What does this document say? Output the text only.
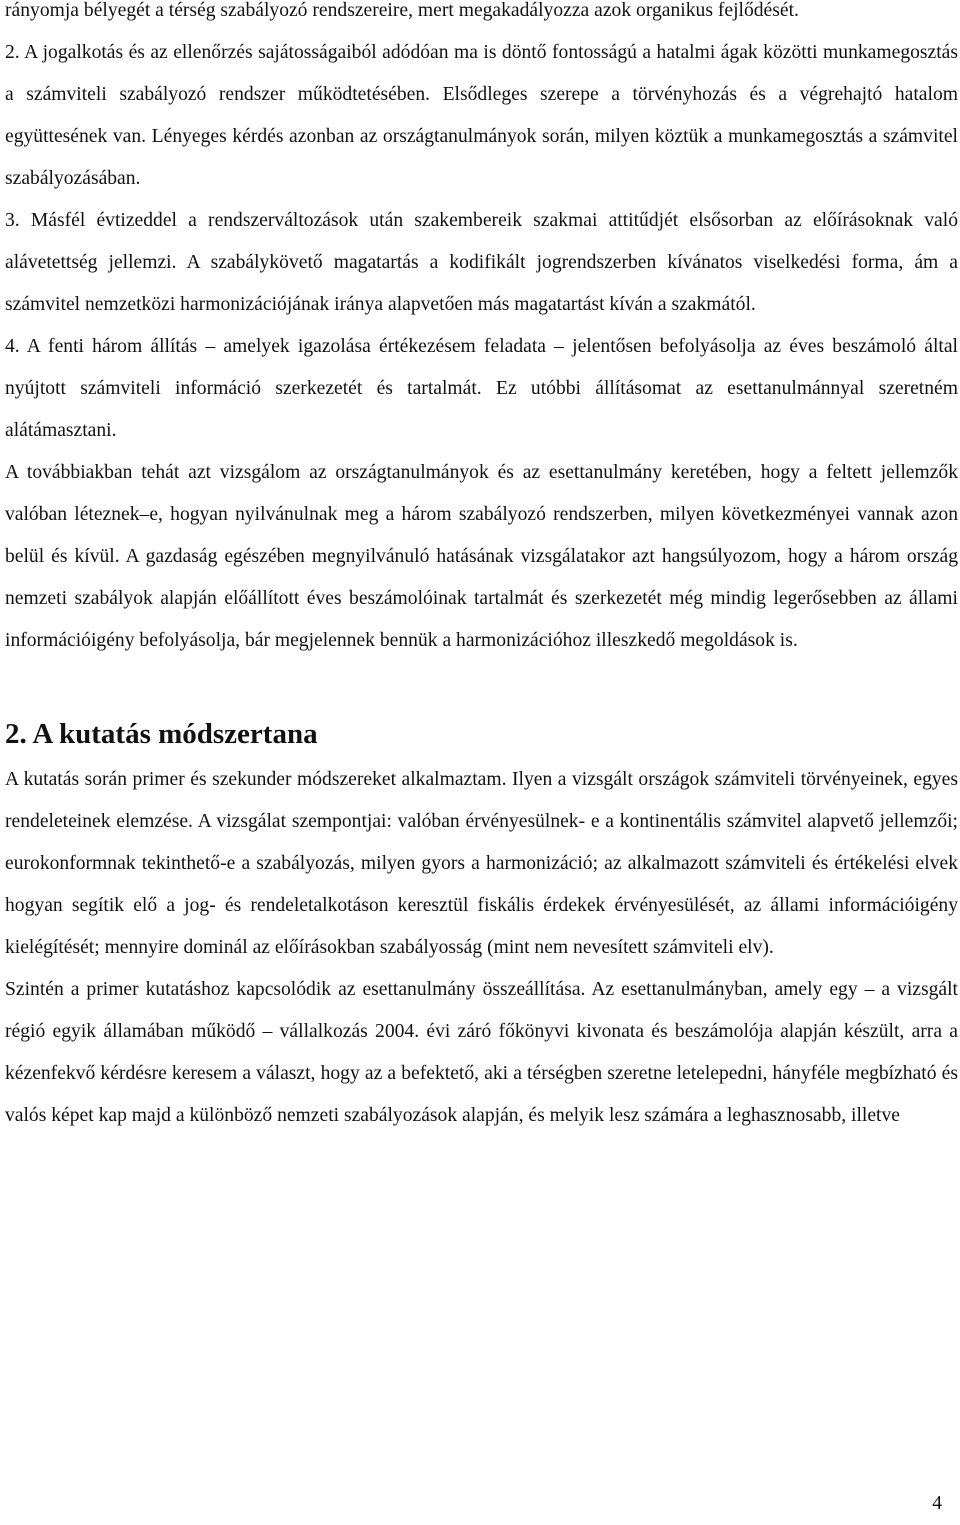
rányomja bélyegét a térség szabályozó rendszereire, mert megakadályozza azok organikus fejlődését.

2. A jogalkotás és az ellenőrzés sajátosságaiból adódóan ma is döntő fontosságú a hatalmi ágak közötti munkamegosztás a számviteli szabályozó rendszer működtetésében. Elsődleges szerepe a törvényhozás és a végrehajtó hatalom együttesének van. Lényeges kérdés azonban az országtanulmányok során, milyen köztük a munkamegosztás a számvitel szabályozásában.

3. Másfél évtizeddel a rendszerváltozások után szakembereik szakmai attitűdjét elsősorban az előírásoknak való alávetettség jellemzi. A szabálykövető magatartás a kodifikált jogrendszerben kívánatos viselkedési forma, ám a számvitel nemzetközi harmonizációjának iránya alapvetően más magatartást kíván a szakmától.

4. A fenti három állítás – amelyek igazolása értékezésem feladata – jelentősen befolyásolja az éves beszámoló által nyújtott számviteli információ szerkezetét és tartalmát. Ez utóbbi állításomat az esettanulmánnyal szeretném alátámasztani.

A továbbiakban tehát azt vizsgálom az országtanulmányok és az esettanulmány keretében, hogy a feltett jellemzők valóban léteznek–e, hogyan nyilvánulnak meg a három szabályozó rendszerben, milyen következményei vannak azon belül és kívül. A gazdaság egészében megnyilvánuló hatásának vizsgálatakor azt hangsúlyozom, hogy a három ország nemzeti szabályok alapján előállított éves beszámolóinak tartalmát és szerkezetét még mindig legerősebben az állami információigény befolyásolja, bár megjelennek bennük a harmonizációhoz illeszkedő megoldások is.

2. A kutatás módszertana

A kutatás során primer és szekunder módszereket alkalmaztam. Ilyen a vizsgált országok számviteli törvényeinek, egyes rendeleteinek elemzése. A vizsgálat szempontjai: valóban érvényesülnek- e a kontinentális számvitel alapvető jellemzői; eurokonformnak tekinthető-e a szabályozás, milyen gyors a harmonizáció; az alkalmazott számviteli és értékelési elvek hogyan segítik elő a jog- és rendeletalkotáson keresztül fiskális érdekek érvényesülését, az állami információigény kielégítését; mennyire dominál az előírásokban szabályosság (mint nem nevesített számviteli elv).

Szintén a primer kutatáshoz kapcsolódik az esettanulmány összeállítása. Az esettanulmányban, amely egy – a vizsgált régió egyik államában működő – vállalkozás 2004. évi záró főkönyvi kivonata és beszámolója alapján készült, arra a kézenfekvő kérdésre keresem a választ, hogy az a befektető, aki a térségben szeretne letelepedni, hányféle megbízható és valós képet kap majd a különböző nemzeti szabályozások alapján, és melyik lesz számára a leghasznosabb, illetve

4
